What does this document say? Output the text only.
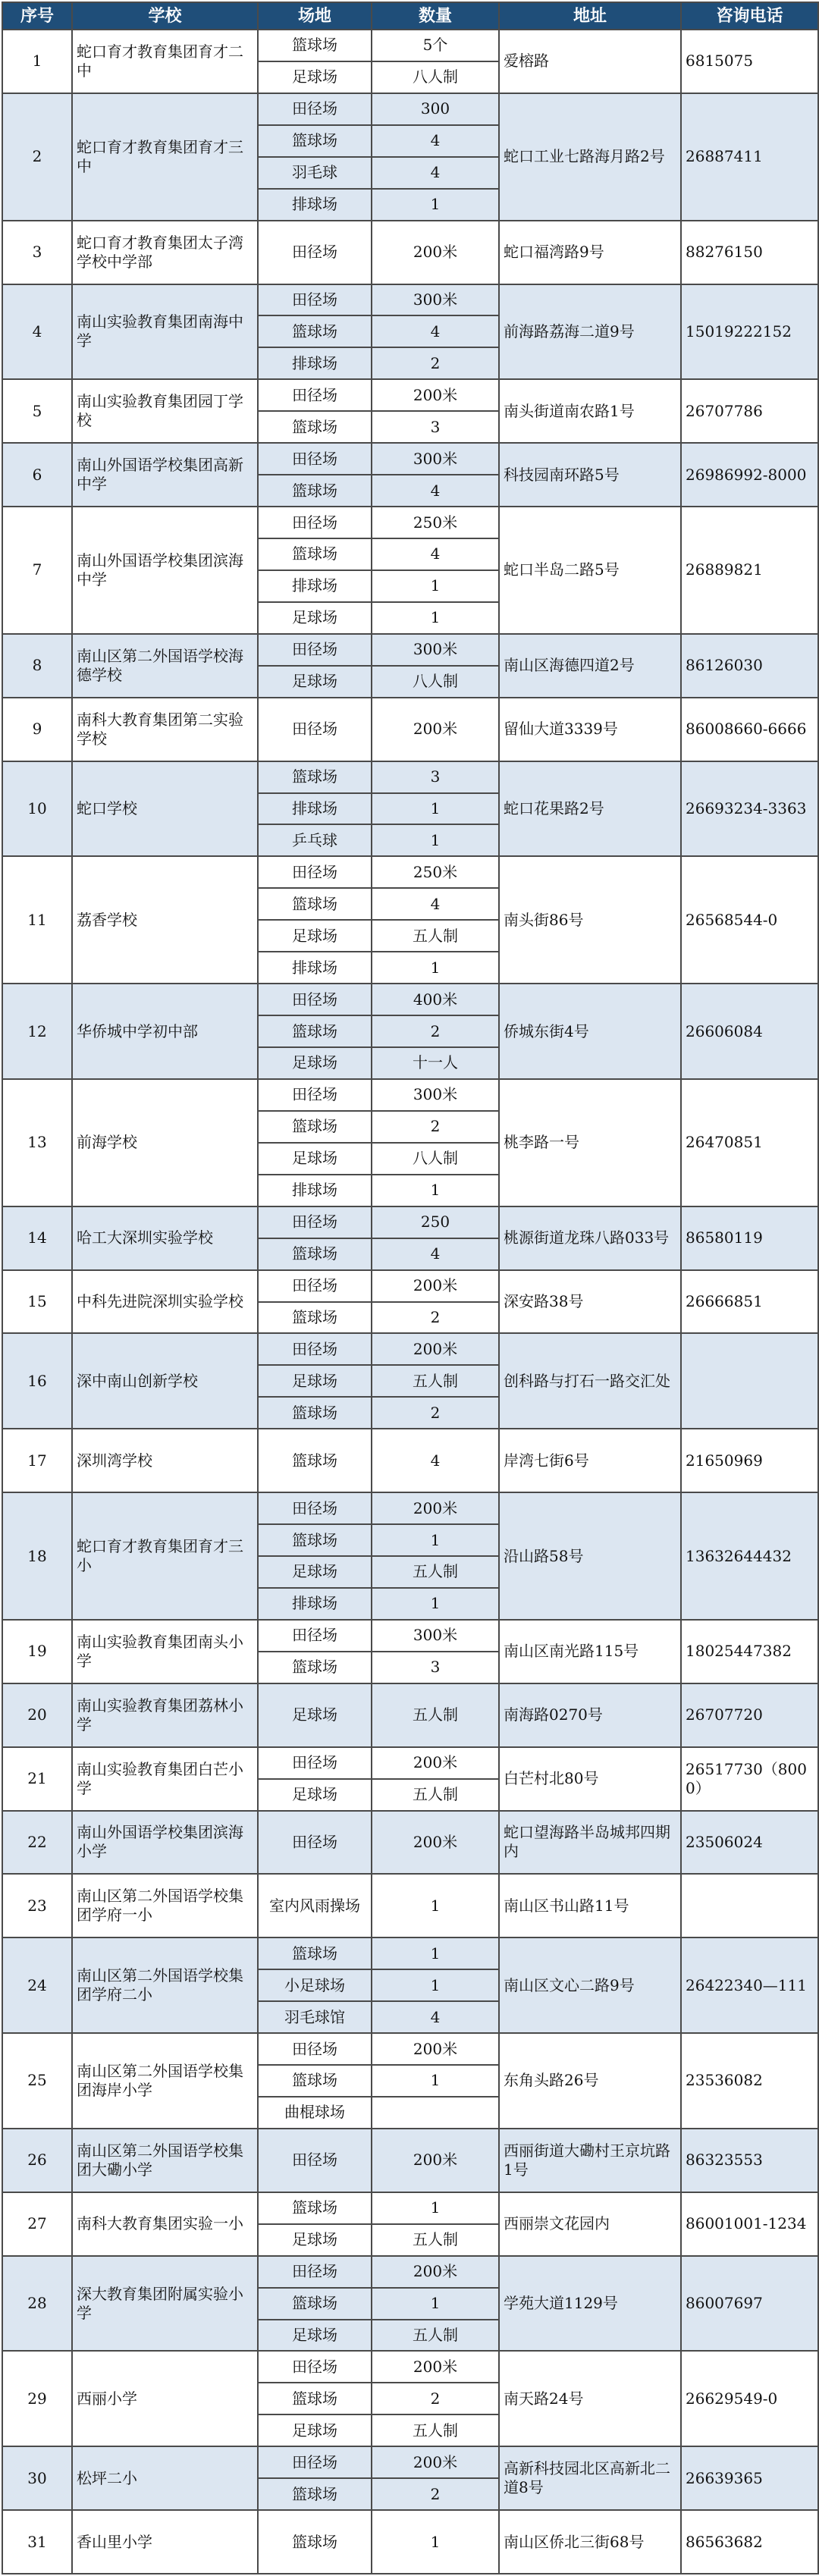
序号	学校	场地	数量	地址	咨询电话
1	蛇口育才教育集团育才二中	篮球场	5个	爱榕路	6815075
		足球场	八人制		
2	蛇口育才教育集团育才三中	田径场	300	蛇口工业七路海月路2号	26887411
		篮球场	4		
		羽毛球	4		
		排球场	1		
3	蛇口育才教育集团太子湾学校中学部	田径场	200米	蛇口福湾路9号	88276150
4	南山实验教育集团南海中学	田径场	300米	前海路荔海二道9号	15019222152
		篮球场	4		
		排球场	2		
5	南山实验教育集团园丁学校	田径场	200米	南头街道南农路1号	26707786
		篮球场	3		
6	南山外国语学校集团高新中学	田径场	300米	科技园南环路5号	26986992-8000
		篮球场	4		
7	南山外国语学校集团滨海中学	田径场	250米	蛇口半岛二路5号	26889821
		篮球场	4		
		排球场	1		
		足球场	1		
8	南山区第二外国语学校海德学校	田径场	300米	南山区海德四道2号	86126030
		足球场	八人制		
9	南科大教育集团第二实验学校	田径场	200米	留仙大道3339号	86008660-6666
10	蛇口学校	篮球场	3	蛇口花果路2号	26693234-3363
		排球场	1		
		乒乓球	1		
11	荔香学校	田径场	250米	南头街86号	26568544-0
		篮球场	4		
		足球场	五人制		
		排球场	1		
12	华侨城中学初中部	田径场	400米	侨城东街4号	26606084
		篮球场	2		
		足球场	十一人		
13	前海学校	田径场	300米	桃李路一号	26470851
		篮球场	2		
		足球场	八人制		
		排球场	1		
14	哈工大深圳实验学校	田径场	250	桃源街道龙珠八路033号	86580119
		篮球场	4		
15	中科先进院深圳实验学校	田径场	200米	深安路38号	26666851
		篮球场	2		
16	深中南山创新学校	田径场	200米	创科路与打石一路交汇处	
		足球场	五人制		
		篮球场	2		
17	深圳湾学校	篮球场	4	岸湾七街6号	21650969
18	蛇口育才教育集团育才三小	田径场	200米	沿山路58号	13632644432
		篮球场	1		
		足球场	五人制		
		排球场	1		
19	南山实验教育集团南头小学	田径场	300米	南山区南光路115号	18025447382
		篮球场	3		
20	南山实验教育集团荔林小学	足球场	五人制	南海路0270号	26707720
21	南山实验教育集团白芒小学	田径场	200米	白芒村北80号	26517730（8000）
		足球场	五人制		
22	南山外国语学校集团滨海小学	田径场	200米	蛇口望海路半岛城邦四期内	23506024
23	南山区第二外国语学校集团学府一小	室内风雨操场	1	南山区书山路11号	
24	南山区第二外国语学校集团学府二小	篮球场	1	南山区文心二路9号	26422340—111
		小足球场	1		
		羽毛球馆	4		
25	南山区第二外国语学校集团海岸小学	田径场	200米	东角头路26号	23536082
		篮球场	1		
		曲棍球场			
26	南山区第二外国语学校集团大磡小学	田径场	200米	西丽街道大磡村王京坑路1号	86323553
27	南科大教育集团实验一小	篮球场	1	西丽崇文花园内	86001001-1234
		足球场	五人制		
28	深大教育集团附属实验小学	田径场	200米	学苑大道1129号	86007697
		篮球场	1		
		足球场	五人制		
29	西丽小学	田径场	200米	南天路24号	26629549-0
		篮球场	2		
		足球场	五人制		
30	松坪二小	田径场	200米	高新科技园北区高新北二道8号	26639365
		篮球场	2		
31	香山里小学	篮球场	1	南山区侨北三街68号	86563682
